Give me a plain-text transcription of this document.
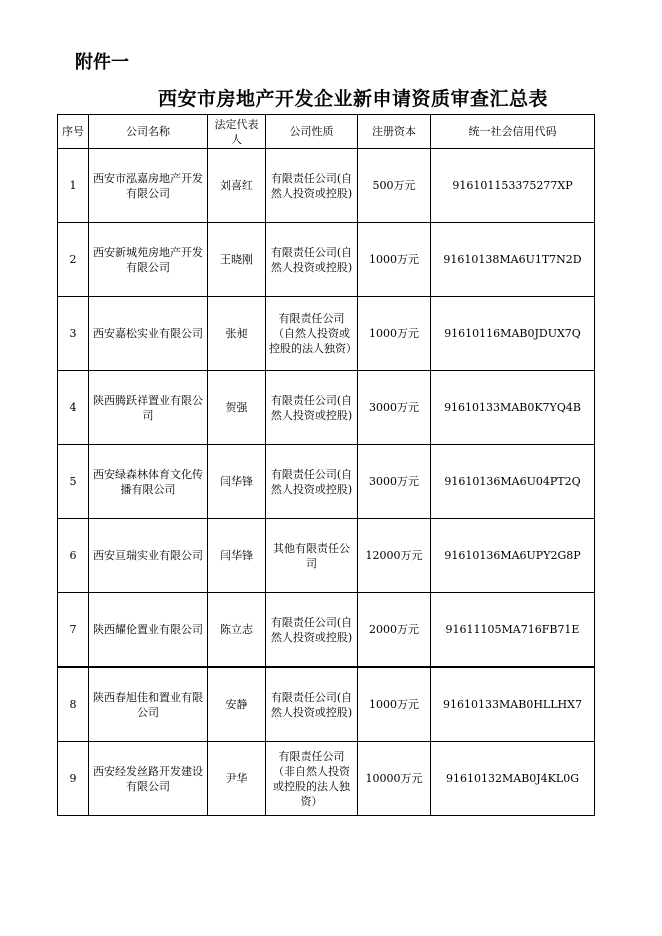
附件一
西安市房地产开发企业新申请资质审查汇总表
序号	公司名称	法定代表人	公司性质	注册资本	统一社会信用代码
1	西安市泓嘉房地产开发有限公司	刘喜红	有限责任公司(自然人投资或控股)	500万元	916101153375277XP
2	西安新城苑房地产开发有限公司	王晓刚	有限责任公司(自然人投资或控股)	1000万元	91610138MA6U1T7N2D
3	西安嘉松实业有限公司	张昶	有限责任公司（自然人投资或控股的法人独资）	1000万元	91610116MAB0JDUX7Q
4	陕西腾跃祥置业有限公司	贺强	有限责任公司(自然人投资或控股)	3000万元	91610133MAB0K7YQ4B
5	西安绿森林体育文化传播有限公司	闫华锋	有限责任公司(自然人投资或控股)	3000万元	91610136MA6U04PT2Q
6	西安亘瑞实业有限公司	闫华锋	其他有限责任公司	12000万元	91610136MA6UPY2G8P
7	陕西耀伦置业有限公司	陈立志	有限责任公司(自然人投资或控股)	2000万元	91611105MA716FB71E
8	陕西春旭佳和置业有限公司	安静	有限责任公司(自然人投资或控股)	1000万元	91610133MAB0HLLHX7
9	西安经发丝路开发建设有限公司	尹华	有限责任公司（非自然人投资或控股的法人独资）	10000万元	91610132MAB0J4KL0G
